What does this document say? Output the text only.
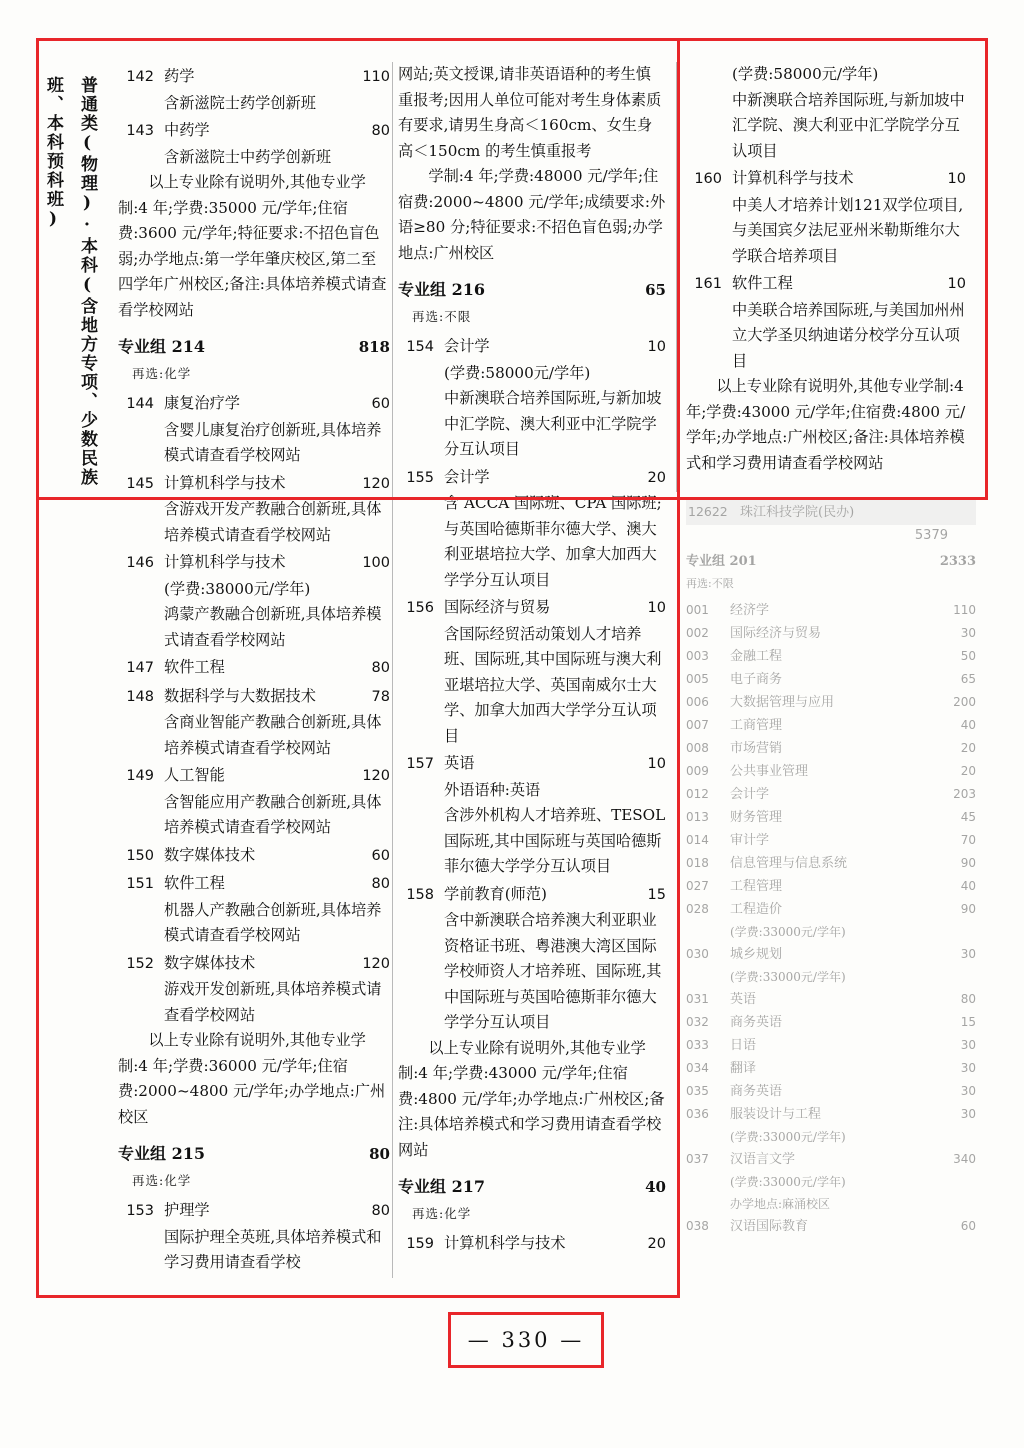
普通类(物理)·本科(含地方专项、少数民族班、本科预科班)	142 药学	110
含新滋院士药学创新班
143 中药学	80
含新滋院士中药学创新班
以上专业除有说明外,其他专业学制:4 年;学费:35000 元/学年;住宿费:3600 元/学年;特征要求:不招色盲色弱;办学地点:第一学年肇庆校区,第二至四学年广州校区;备注:具体培养模式请查看学校网站
专业组 214	818
再选:化学
144 康复治疗学	60
含婴儿康复治疗创新班,具体培养模式请查看学校网站
145 计算机科学与技术	120
含游戏开发产教融合创新班,具体培养模式请查看学校网站
146 计算机科学与技术	100
(学费:38000元/学年)
鸿蒙产教融合创新班,具体培养模式请查看学校网站
147 软件工程	80
148 数据科学与大数据技术	78
含商业智能产教融合创新班,具体培养模式请查看学校网站
149 人工智能	120
含智能应用产教融合创新班,具体培养模式请查看学校网站
150 数字媒体技术	60
151 软件工程	80
机器人产教融合创新班,具体培养模式请查看学校网站
152 数字媒体技术	120
游戏开发创新班,具体培养模式请查看学校网站
以上专业除有说明外,其他专业学制:4 年;学费:36000 元/学年;住宿费:2000~4800 元/学年;办学地点:广州校区
专业组 215	80
再选:化学
153 护理学	80
国际护理全英班,具体培养模式和学习费用请查看学校
网站;英文授课,请非英语语种的考生慎重报考;因用人单位可能对考生身体素质有要求,请男生身高＜160cm、女生身高＜150cm 的考生慎重报考
学制:4 年;学费:48000 元/学年;住宿费:2000~4800 元/学年;成绩要求:外语≥80 分;特征要求:不招色盲色弱;办学地点:广州校区
专业组 216	65
再选:不限
154 会计学	10
(学费:58000元/学年)
中新澳联合培养国际班,与新加坡中汇学院、澳大利亚中汇学院学分互认项目
155 会计学	20
含 ACCA 国际班、CPA 国际班;与英国哈德斯菲尔德大学、澳大利亚堪培拉大学、加拿大加西大学学分互认项目
156 国际经济与贸易	10
含国际经贸活动策划人才培养班、国际班,其中国际班与澳大利亚堪培拉大学、英国南威尔士大学、加拿大加西大学学分互认项目
157 英语	10
外语语种:英语
含涉外机构人才培养班、TESOL 国际班,其中国际班与英国哈德斯菲尔德大学学分互认项目
158 学前教育(师范)	15
含中新澳联合培养澳大利亚职业资格证书班、粤港澳大湾区国际学校师资人才培养班、国际班,其中国际班与英国哈德斯菲尔德大学学分互认项目
以上专业除有说明外,其他专业学制:4 年;学费:43000 元/学年;住宿费:4800 元/学年;办学地点:广州校区;备注:具体培养模式和学习费用请查看学校网站
专业组 217	40
再选:化学
159 计算机科学与技术	20
(学费:58000元/学年)
中新澳联合培养国际班,与新加坡中汇学院、澳大利亚中汇学院学分互认项目
160 计算机科学与技术	10
中美人才培养计划121双学位项目,与美国宾夕法尼亚州米勒斯维尔大学联合培养项目
161 软件工程	10
中美联合培养国际班,与美国加州州立大学圣贝纳迪诺分校学分互认项目
以上专业除有说明外,其他专业学制:4 年;学费:43000 元/学年;住宿费:4800 元/学年;办学地点:广州校区;备注:具体培养模式和学习费用请查看学校网站
12622 珠江科技学院(民办)
5379
专业组 201	2333
再选:不限
001	经济学	110
002	国际经济与贸易	30
003	金融工程	50
005	电子商务	65
006	大数据管理与应用	200
007	工商管理	40
008	市场营销	20
009	公共事业管理	20
012	会计学	203
013	财务管理	45
014	审计学	70
018	信息管理与信息系统	90
027	工程管理	40
028	工程造价	90
(学费:33000元/学年)
030	城乡规划	30
(学费:33000元/学年)
031	英语	80
032	商务英语	15
033	日语	30
034	翻译	30
035	商务英语	30
036	服装设计与工程	30
(学费:33000元/学年)
037	汉语言文学	340
(学费:33000元/学年)
办学地点:麻涌校区
038	汉语国际教育	60
— 330 —
